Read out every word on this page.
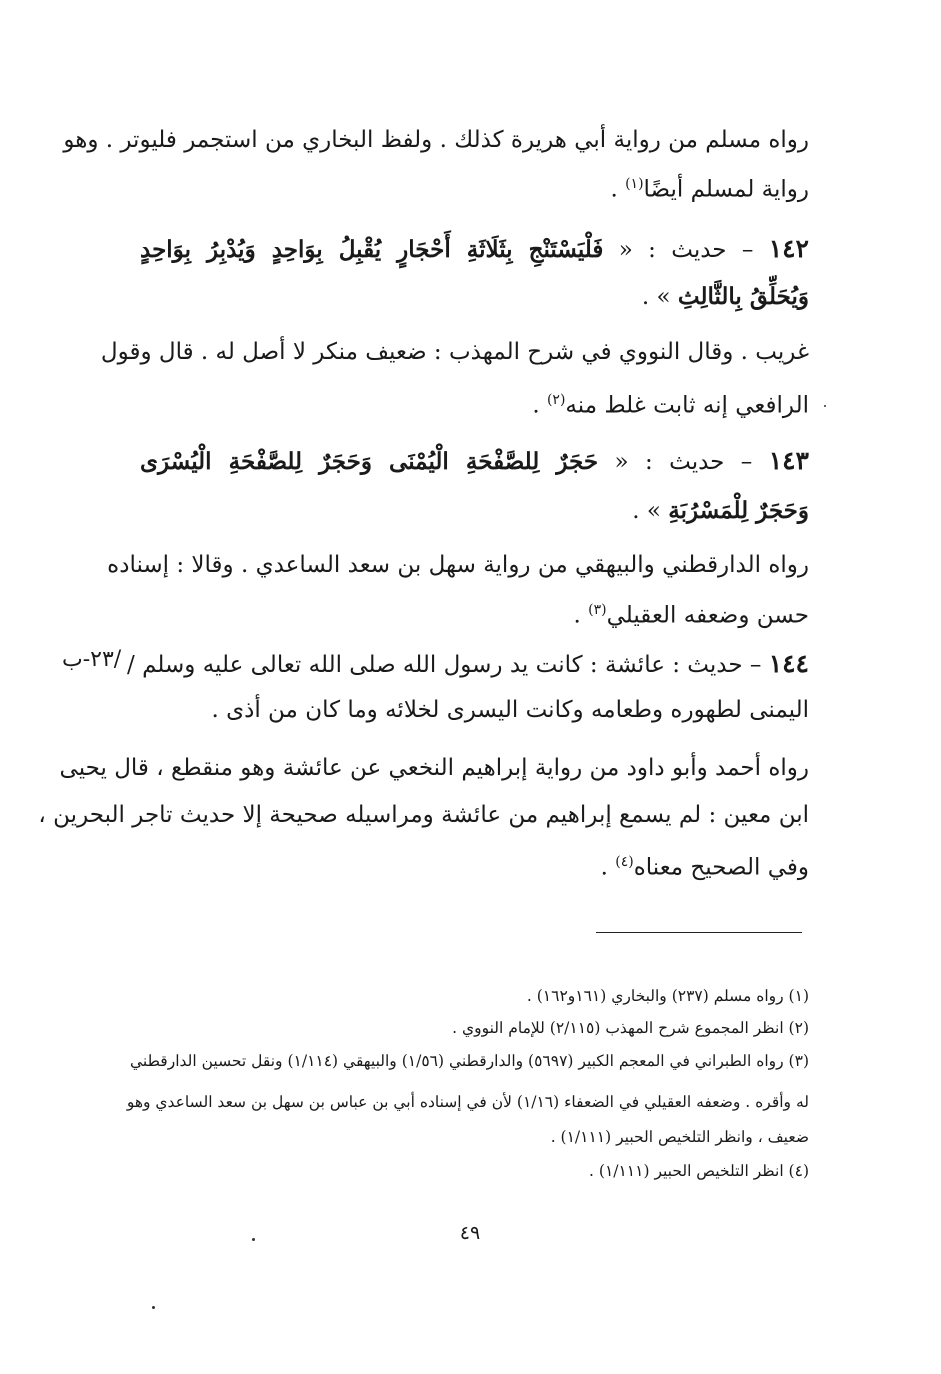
رواه مسلم من رواية أبي هريرة كذلك . ولفظ البخاري من استجمر فليوتر . وهو
رواية لمسلم أيضًا$^{(١)}$ .
١٤٢ – حديث : « فَلْيَسْتَنْجِ بِثَلَاثَةِ أَحْجَارٍ يُقْبِلُ بِوَاحِدٍ وَيُدْبِرُ بِوَاحِدٍ
وَيُحَلِّقُ بِالثَّالِثِ » .
غريب . وقال النووي في شرح المهذب : ضعيف منكر لا أصل له . قال وقول
الرافعي إنه ثابت غلط منه$^{(٢)}$ .
١٤٣ – حديث : « حَجَرٌ لِلصَّفْحَةِ الْيُمْنَى وَحَجَرٌ لِلصَّفْحَةِ الْيُسْرَى
وَحَجَرٌ لِلْمَسْرُبَةِ » .
رواه الدارقطني والبيهقي من رواية سهل بن سعد الساعدي . وقالا : إسناده
حسن وضعفه العقيلي$^{(٣)}$ .
١٤٤ – حديث : عائشة : كانت يد رسول الله صلى الله تعالى عليه وسلم /
/٢٣-ب
اليمنى لطهوره وطعامه وكانت اليسرى لخلائه وما كان من أذى .
رواه أحمد وأبو داود من رواية إبراهيم النخعي عن عائشة وهو منقطع ، قال يحيى
ابن معين : لم يسمع إبراهيم من عائشة ومراسيله صحيحة إلا حديث تاجر البحرين ،
وفي الصحيح معناه$^{(٤)}$ .
(١) رواه مسلم (٢٣٧) والبخاري (١٦١و١٦٢) .
(٢) انظر المجموع شرح المهذب (٢/١١٥) للإمام النووي .
(٣) رواه الطبراني في المعجم الكبير (٥٦٩٧) والدارقطني (١/٥٦) والبيهقي (١/١١٤) ونقل تحسين الدارقطني
له وأقره . وضعفه العقيلي في الضعفاء (١/١٦) لأن في إسناده أبي بن عباس بن سهل بن سعد الساعدي وهو
ضعيف ، وانظر التلخيص الحبير (١/١١١) .
(٤) انظر التلخيص الحبير (١/١١١) .
٤٩
